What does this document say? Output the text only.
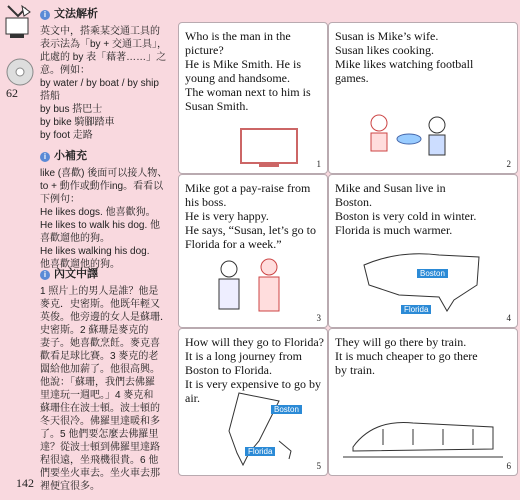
62
i 文法解析
英文中，搭乘某交通工具的
表示法為「by + 交通工具」，
此處的 by 表「藉著……」之
意。例如：
by water / by boat / by ship
搭船
by bus 搭巴士
by bike 騎腳踏車
by foot 走路
i 小補充
like (喜歡) 後面可以接人物、
to + 動作或動作ing。看看以
下例句：
He likes dogs. 他喜歡狗。
He likes to walk his dog. 他
喜歡遛他的狗。
He likes walking his dog.
他喜歡遛他的狗。
i 內文中譯
1 照片上的男人是誰？他是
麥克．史密斯。他既年輕又
英俊。他旁邊的女人是蘇珊．
史密斯。2 蘇珊是麥克的
妻子。她喜歡烹飪。麥克喜
歡看足球比賽。3 麥克的老
闆給他加薪了。他很高興。
他說：「蘇珊，我們去佛羅
里達玩一週吧。」4 麥克和
蘇珊住在波士頓。波士頓的
冬天很冷。佛羅里達暖和多
了。5 他們要怎麼去佛羅里
達？從波士頓到佛羅里達路
程很遠，坐飛機很貴。6 他
們要坐火車去。坐火車去那
裡便宜很多。
142
Who is the man in the
picture?
He is Mike Smith. He is
young and handsome.
The woman next to him is
Susan Smith.
1
Susan is Mike’s wife.
Susan likes cooking.
Mike likes watching football
games.
2
Mike got a pay-raise from
his boss.
He is very happy.
He says, “Susan, let’s go to
Florida for a week.”
3
Mike and Susan live in
Boston.
Boston is very cold in winter.
Florida is much warmer.
Boston
Florida
4
How will they go to Florida?
It is a long journey from
Boston to Florida.
It is very expensive to go by
air.
Boston
Florida
5
They will go there by train.
It is much cheaper to go there
by train.
6
